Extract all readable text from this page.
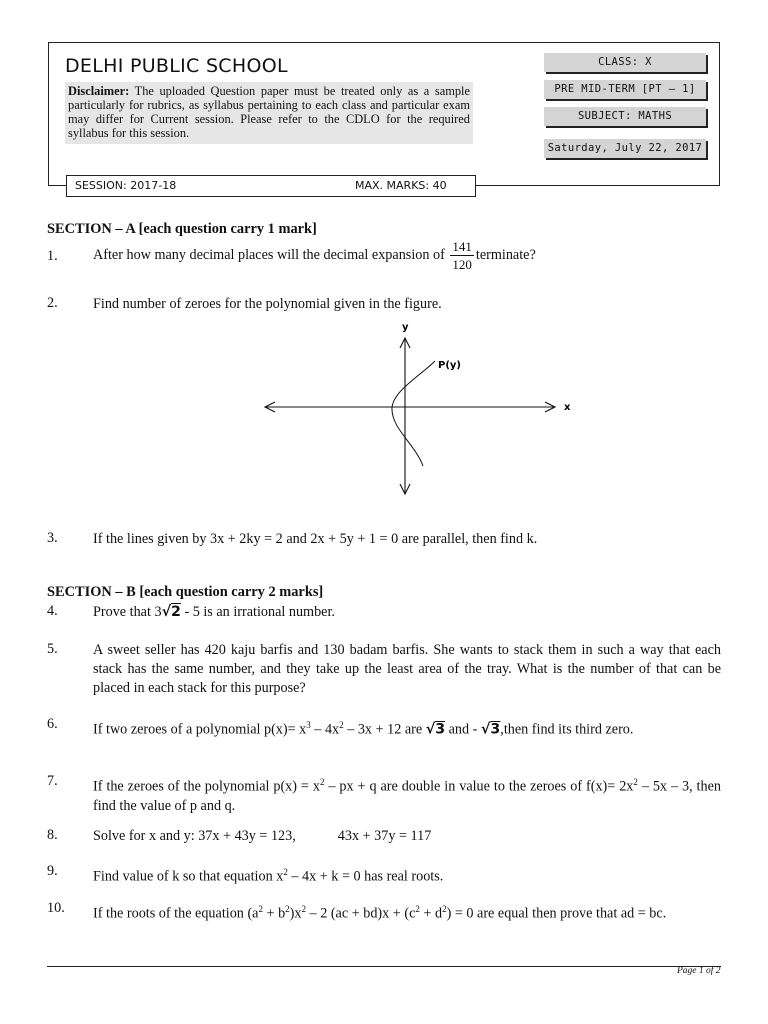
DELHI PUBLIC SCHOOL
Disclaimer: The uploaded Question paper must be treated only as a sample particularly for rubrics, as syllabus pertaining to each class and particular exam may differ for Current session. Please refer to the CDLO for the required syllabus for this session.
CLASS: X
PRE MID-TERM [PT – 1]
SUBJECT: MATHS
Saturday, July 22, 2017
SESSION: 2017-18	MAX. MARKS: 40
SECTION – A [each question carry 1 mark]
1. After how many decimal places will the decimal expansion of $\frac{141}{120}$ terminate?
2. Find number of zeroes for the polynomial given in the figure.
x
y
P(y)
3. If the lines given by 3x + 2ky = 2 and 2x + 5y + 1 = 0 are parallel, then find k.
SECTION – B [each question carry 2 marks]
4. Prove that 3√2 - 5 is an irrational number.
5. A sweet seller has 420 kaju barfis and 130 badam barfis. She wants to stack them in such a way that each stack has the same number, and they take up the least area of the tray. What is the number of that can be placed in each stack for this purpose?
6. If two zeroes of a polynomial $p(x)= x^3 - 4x^2 - 3x + 12$ are √3 and - √3,then find its third zero.
7. If the zeroes of the polynomial $p(x) = x^2$ – px + q are double in value to the zeroes of $f(x)= 2x^2 - 5x - 3$, then find the value of p and q.
8. Solve for x and y: 37x + 43y = 123,	43x + 37y = 117
9. Find value of k so that equation $x^2 - 4x + k = 0$ has real roots.
10. If the roots of the equation $(a^2 + b^2)x^2 - 2$ $(ac + bd)x + (c^2 + d^2) = 0$ are equal then prove that ad = bc.
Page 1 of 2
